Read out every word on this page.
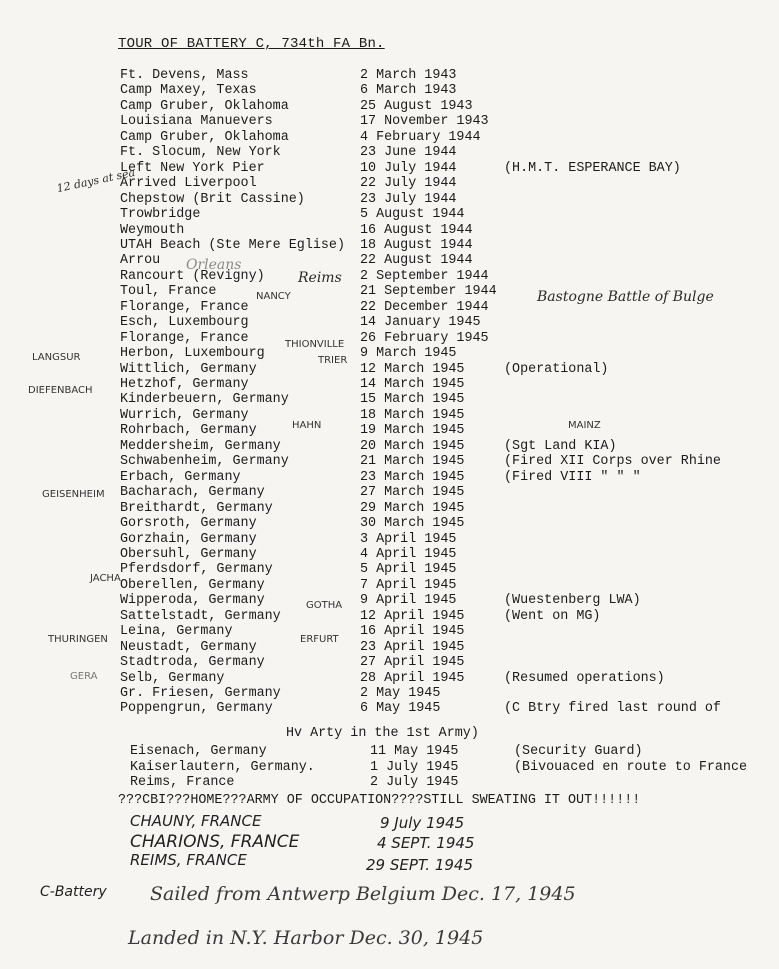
TOUR OF BATTERY C, 734th FA Bn.
Ft. Devens, Mass	2 March 1943
Camp Maxey, Texas	6 March 1943
Camp Gruber, Oklahoma	25 August 1943
Louisiana Manuevers	17 November 1943
Camp Gruber, Oklahoma	4 February 1944
Ft. Slocum, New York	23 June 1944
Left New York Pier	10 July 1944	(H.M.T. ESPERANCE BAY)
Arrived Liverpool	22 July 1944
Chepstow (Brit Cassine)	23 July 1944
Trowbridge	5 August 1944
Weymouth	16 August 1944
UTAH Beach (Ste Mere Eglise) 18 August 1944
Arrou	22 August 1944
Rancourt (Revigny)	2 September 1944
Toul, France	21 September 1944
Florange, France	22 December 1944
Esch, Luxembourg	14 January 1945
Florange, France	26 February 1945
Herbon, Luxembourg	9 March 1945
Wittlich, Germany	12 March 1945	(Operational)
Hetzhof, Germany	14 March 1945
Kinderbeuern, Germany	15 March 1945
Wurrich, Germany	18 March 1945
Rohrbach, Germany	19 March 1945
Meddersheim, Germany	20 March 1945	(Sgt Land KIA)
Schwabenheim, Germany	21 March 1945	(Fired XII Corps over Rhine
Erbach, Germany	23 March 1945	(Fired VIII " " "
Bacharach, Germany	27 March 1945
Breithardt, Germany	29 March 1945
Gorsroth, Germany	30 March 1945
Gorzhain, Germany	3 April 1945
Obersuhl, Germany	4 April 1945
Pferdsdorf, Germany	5 April 1945
Oberellen, Germany	7 April 1945
Wipperoda, Germany	9 April 1945	(Wuestenberg LWA)
Sattelstadt, Germany	12 April 1945	(Went on MG)
Leina, Germany	16 April 1945
Neustadt, Germany	23 April 1945
Stadtroda, Germany	27 April 1945
Selb, Germany	28 April 1945	(Resumed operations)
Gr. Friesen, Germany	2 May 1945
Poppengrun, Germany	6 May 1945	(C Btry fired last round of
Hv Arty in the 1st Army)
Eisenach, Germany	11 May 1945	(Security Guard)
Kaiserlautern, Germany.	1 July 1945	(Bivouaced en route to France
Reims, France	2 July 1945
???CBI???HOME???ARMY OF OCCUPATION????STILL SWEATING IT OUT!!!!!!
CHAUNY, FRANCE	9 July 1945
CHARIONS, FRANCE	4 SEPT. 1945
REIMS, FRANCE	29 SEPT. 1945
12 days at sea
LANGSUR
DIEFENBACH
GEISENHEIM
JACHA
THURINGEN
GERA
Orleans
Reims
NANCY	Bastogne Battle of Bulge
THIONVILLE
TRIER
MAINZ
HAHN
GOTHA
ERFURT
C-Battery Sailed from Antwerp Belgium Dec. 17, 1945
Landed in N.Y. Harbor Dec. 30, 1945
